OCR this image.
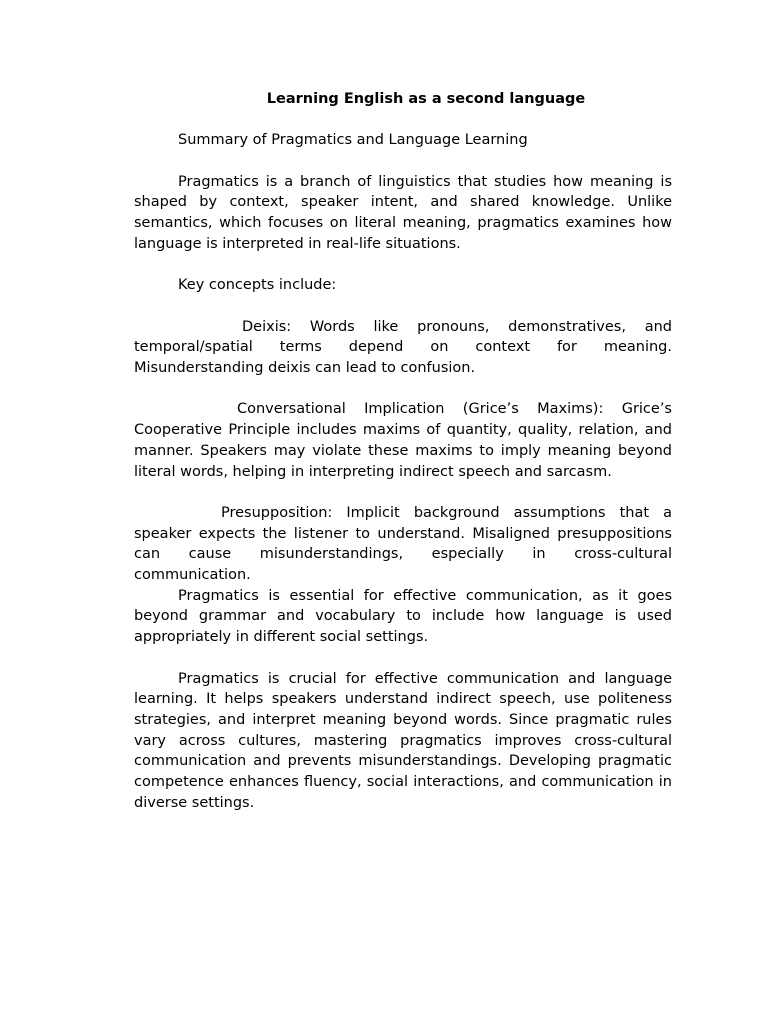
Learning English as a second language

Summary of Pragmatics and Language Learning

Pragmatics is a branch of linguistics that studies how meaning is shaped by context, speaker intent, and shared knowledge. Unlike semantics, which focuses on literal meaning, pragmatics examines how language is interpreted in real-life situations.

Key concepts include:

Deixis: Words like pronouns, demonstratives, and temporal/spatial terms depend on context for meaning. Misunderstanding deixis can lead to confusion.

Conversational Implication (Grice’s Maxims): Grice’s Cooperative Principle includes maxims of quantity, quality, relation, and manner. Speakers may violate these maxims to imply meaning beyond literal words, helping in interpreting indirect speech and sarcasm.

Presupposition: Implicit background assumptions that a speaker expects the listener to understand. Misaligned presuppositions can cause misunderstandings, especially in cross-cultural communication.

Pragmatics is essential for effective communication, as it goes beyond grammar and vocabulary to include how language is used appropriately in different social settings.

Pragmatics is crucial for effective communication and language learning. It helps speakers understand indirect speech, use politeness strategies, and interpret meaning beyond words. Since pragmatic rules vary across cultures, mastering pragmatics improves cross-cultural communication and prevents misunderstandings. Developing pragmatic competence enhances fluency, social interactions, and communication in diverse settings.
